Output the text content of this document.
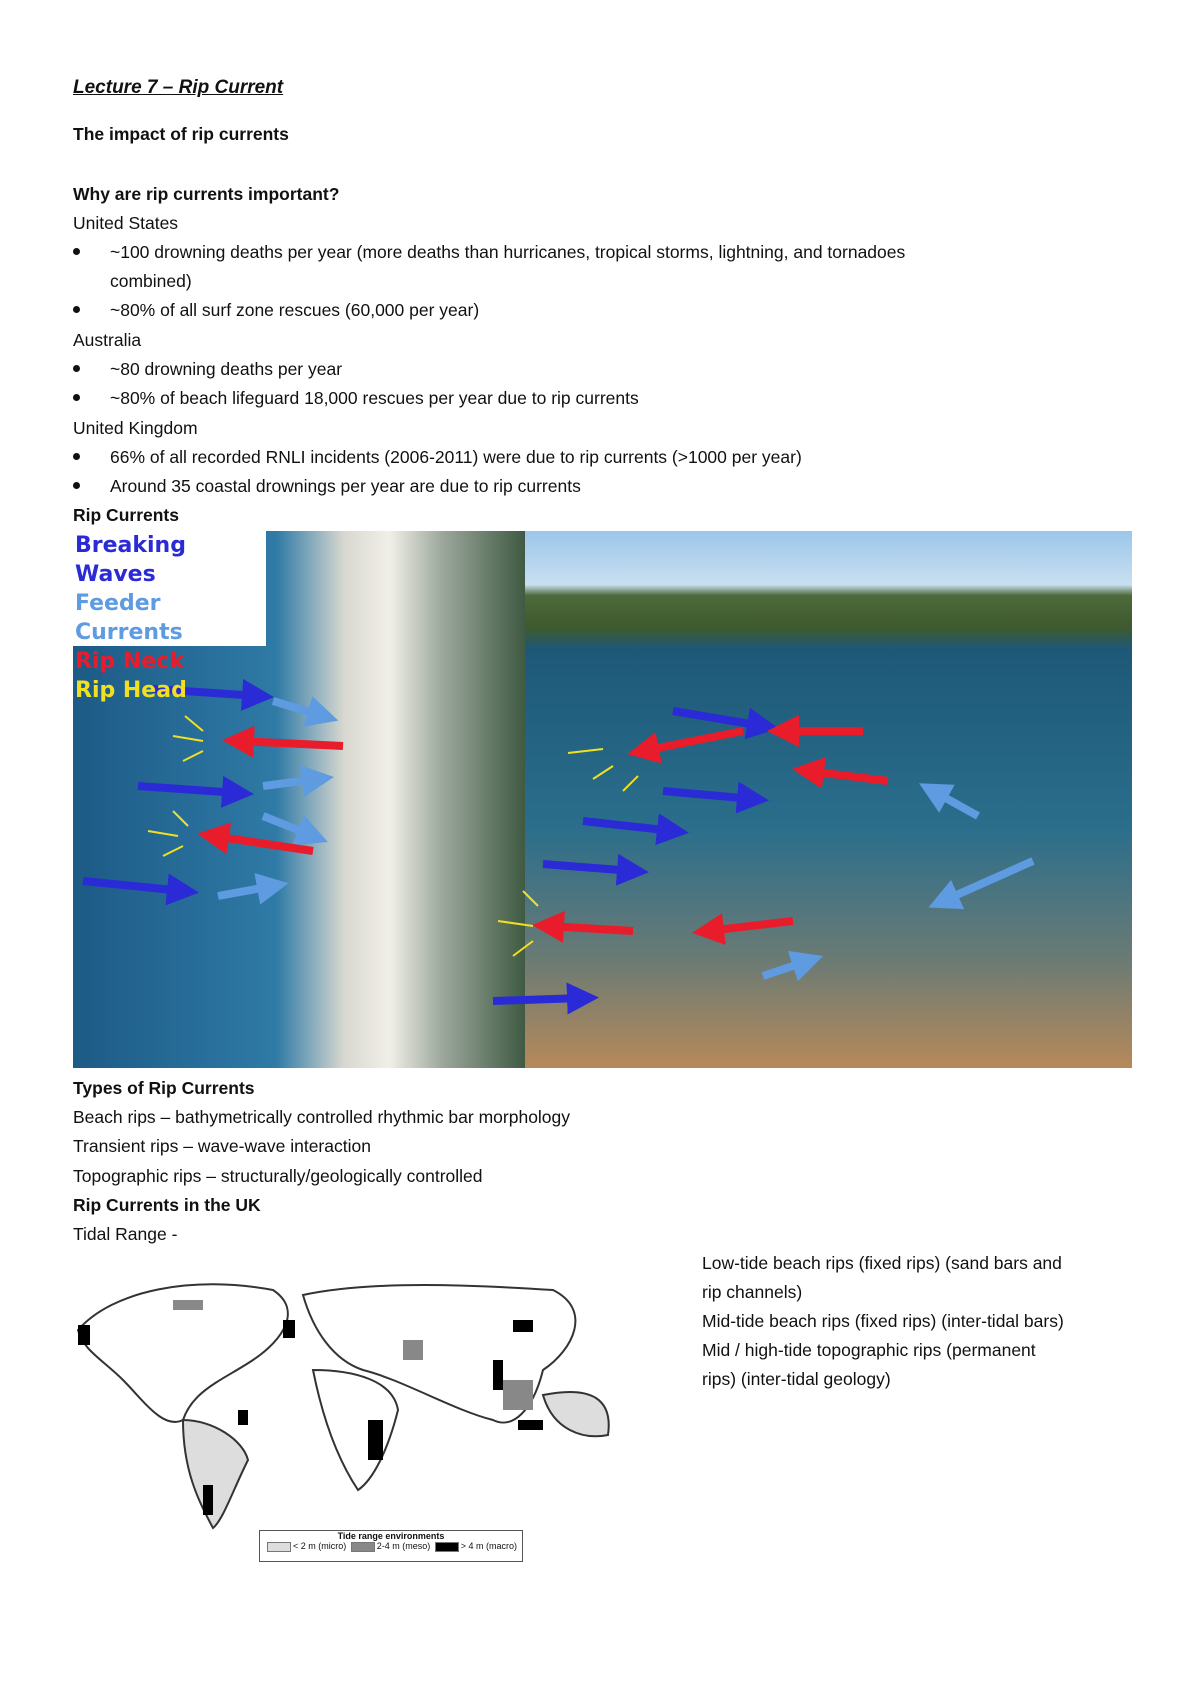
Lecture 7 – Rip Current
The impact of rip currents
Why are rip currents important?
United States
~100 drowning deaths per year (more deaths than hurricanes, tropical storms, lightning, and tornadoes
combined)
~80% of all surf zone rescues (60,000 per year)
Australia
~80 drowning deaths per year
~80% of beach lifeguard 18,000 rescues per year due to rip currents
United Kingdom
66% of all recorded RNLI incidents (2006-2011) were due to rip currents (>1000 per year)
Around 35 coastal drownings per year are due to rip currents
Rip Currents
Breaking Waves
Feeder Currents
Rip Neck
Rip Head
Types of Rip Currents
Beach rips – bathymetrically controlled rhythmic bar morphology
Transient rips – wave-wave interaction
Topographic rips – structurally/geologically controlled
Rip Currents in the UK
Tidal Range -
Tide range environments
< 2 m (micro)	2-4 m (meso)	> 4 m (macro)
Low-tide beach rips (fixed rips) (sand bars and
rip channels)
Mid-tide beach rips (fixed rips) (inter-tidal bars)
Mid / high-tide topographic rips (permanent
rips) (inter-tidal geology)
